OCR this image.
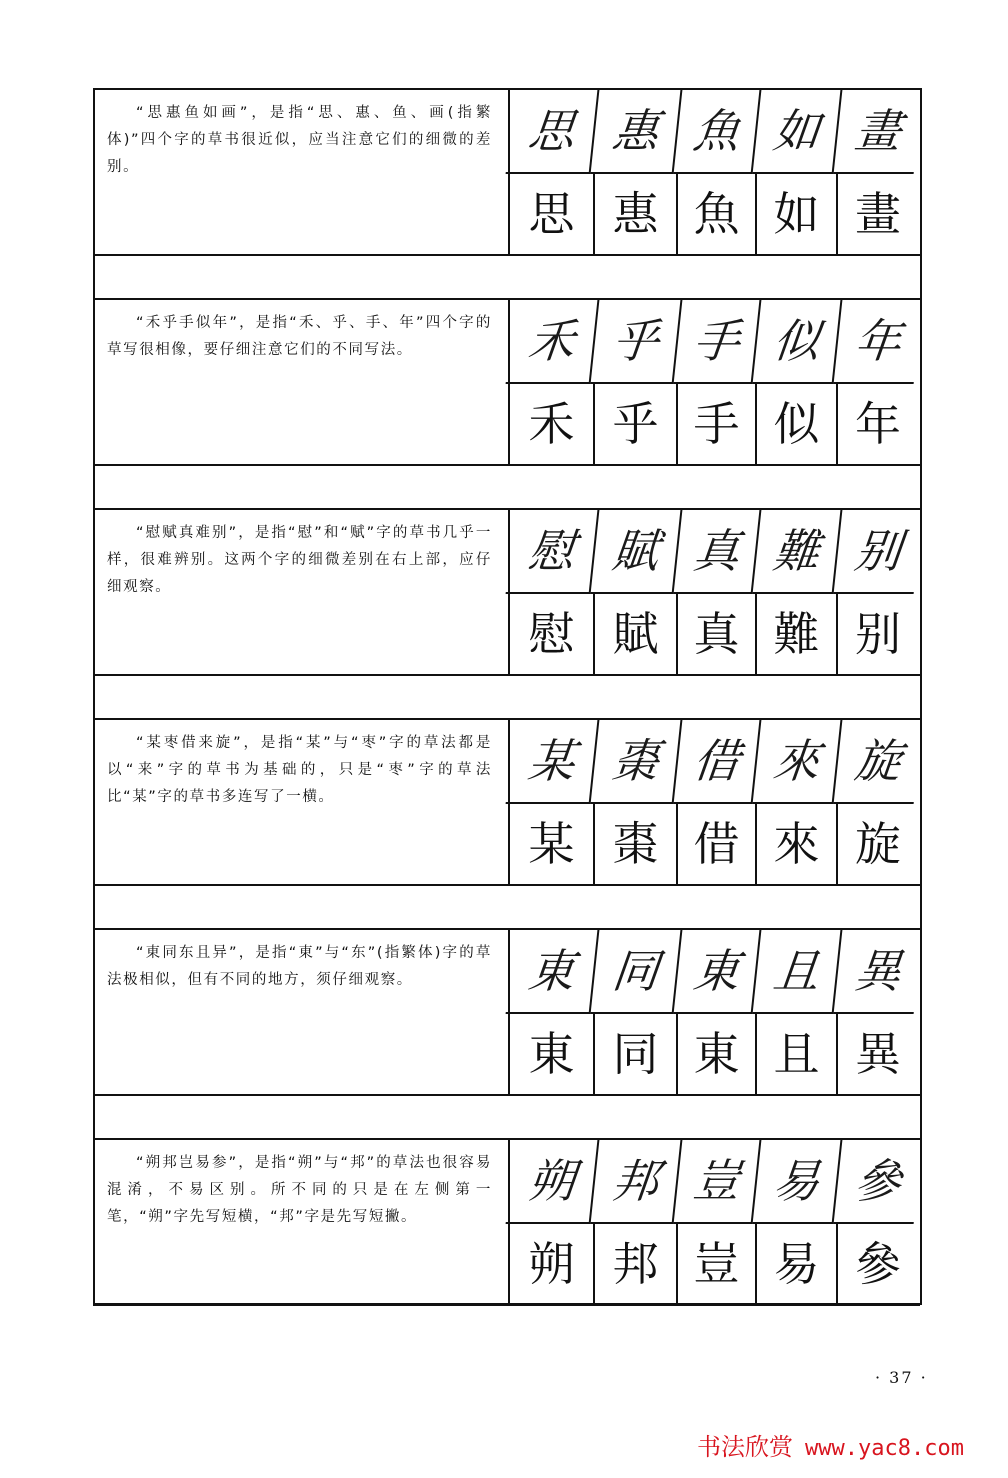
“思惠鱼如画”，是指“思、惠、鱼、画(指繁体)”四个字的草书很近似，应当注意它们的细微的差别。
思 惠 魚 如 畫
思 惠 魚 如 畫
“禾乎手似年”，是指“禾、乎、手、年”四个字的草写很相像，要仔细注意它们的不同写法。	禾 乎 手 似 年
禾 乎 手 似 年
“慰赋真难别”，是指“慰”和“赋”字的草书几乎一样，很难辨别。这两个字的细微差别在右上部，应仔细观察。
慰 賦 真 難 别
慰 賦 真 難 别
“某枣借来旋”，是指“某”与“枣”字的草法都是以“来”字的草书为基础的，只是“枣”字的草法比“某”字的草书多连写了一横。
某 棗 借 來 旋
某 棗 借 來 旋
“東同东且异”，是指“東”与“东”(指繁体)字的草法极相似，但有不同的地方，须仔细观察。	東 同 東 且 異
東 同 東 且 異
“朔邦岂易参”，是指“朔”与“邦”的草法也很容易混淆，不易区别。所不同的只是在左侧第一笔，“朔”字先写短横，“邦”字是先写短撇。
朔 邦 豈 易 參
朔 邦 豈 易 參
· 37 ·
书法欣赏 www.yac8.com
